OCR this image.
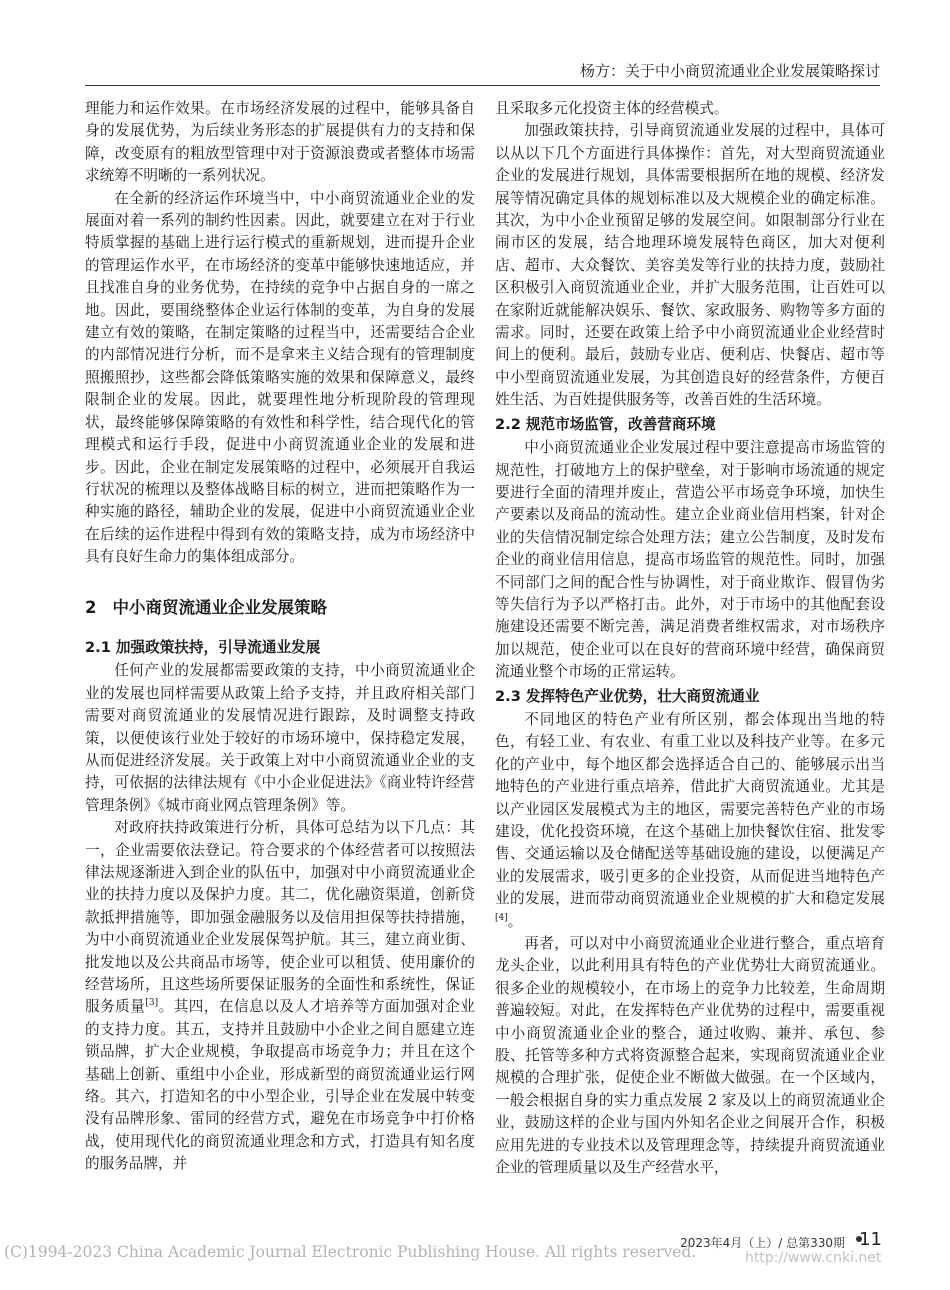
杨方：关于中小商贸流通业企业发展策略探讨

理能力和运作效果。在市场经济发展的过程中，能够具备自身的发展优势，为后续业务形态的扩展提供有力的支持和保障，改变原有的粗放型管理中对于资源浪费或者整体市场需求统筹不明晰的一系列状况。

在全新的经济运作环境当中，中小商贸流通业企业的发展面对着一系列的制约性因素。因此，就要建立在对于行业特质掌握的基础上进行运行模式的重新规划，进而提升企业的管理运作水平，在市场经济的变革中能够快速地适应，并且找准自身的业务优势，在持续的竞争中占据自身的一席之地。因此，要围绕整体企业运行体制的变革，为自身的发展建立有效的策略，在制定策略的过程当中，还需要结合企业的内部情况进行分析，而不是拿来主义结合现有的管理制度照搬照抄，这些都会降低策略实施的效果和保障意义，最终限制企业的发展。因此，就要理性地分析现阶段的管理现状，最终能够保障策略的有效性和科学性，结合现代化的管理模式和运行手段，促进中小商贸流通业企业的发展和进步。因此，企业在制定发展策略的过程中，必须展开自我运行状况的梳理以及整体战略目标的树立，进而把策略作为一种实施的路径，辅助企业的发展，促进中小商贸流通业企业在后续的运作进程中得到有效的策略支持，成为市场经济中具有良好生命力的集体组成部分。

2 中小商贸流通业企业发展策略
2.1 加强政策扶持，引导流通业发展

任何产业的发展都需要政策的支持，中小商贸流通业企业的发展也同样需要从政策上给予支持，并且政府相关部门需要对商贸流通业的发展情况进行跟踪，及时调整支持政策，以便使该行业处于较好的市场环境中，保持稳定发展，从而促进经济发展。关于政策上对中小商贸流通业企业的支持，可依据的法律法规有《中小企业促进法》《商业特许经营管理条例》《城市商业网点管理条例》等。

对政府扶持政策进行分析，具体可总结为以下几点：其一，企业需要依法登记。符合要求的个体经营者可以按照法律法规逐渐进入到企业的队伍中，加强对中小商贸流通业企业的扶持力度以及保护力度。其二，优化融资渠道，创新贷款抵押措施等，即加强金融服务以及信用担保等扶持措施，为中小商贸流通业企业发展保驾护航。其三，建立商业街、批发地以及公共商品市场等，使企业可以租赁、使用廉价的经营场所，且这些场所要保证服务的全面性和系统性，保证服务质量[3]。其四，在信息以及人才培养等方面加强对企业的支持力度。其五，支持并且鼓励中小企业之间自愿建立连锁品牌，扩大企业规模，争取提高市场竞争力；并且在这个基础上创新、重组中小企业，形成新型的商贸流通业运行网络。其六，打造知名的中小型企业，引导企业在发展中转变没有品牌形象、雷同的经营方式，避免在市场竞争中打价格战，使用现代化的商贸流通业理念和方式，打造具有知名度的服务品牌，并

且采取多元化投资主体的经营模式。

加强政策扶持，引导商贸流通业发展的过程中，具体可以从以下几个方面进行具体操作：首先，对大型商贸流通业企业的发展进行规划，具体需要根据所在地的规模、经济发展等情况确定具体的规划标准以及大规模企业的确定标准。其次，为中小企业预留足够的发展空间。如限制部分行业在闹市区的发展，结合地理环境发展特色商区，加大对便利店、超市、大众餐饮、美容美发等行业的扶持力度，鼓励社区积极引入商贸流通业企业，并扩大服务范围，让百姓可以在家附近就能解决娱乐、餐饮、家政服务、购物等多方面的需求。同时，还要在政策上给予中小商贸流通业企业经营时间上的便利。最后，鼓励专业店、便利店、快餐店、超市等中小型商贸流通业发展，为其创造良好的经营条件，方便百姓生活、为百姓提供服务等，改善百姓的生活环境。

2.2 规范市场监管，改善营商环境

中小商贸流通业企业发展过程中要注意提高市场监管的规范性，打破地方上的保护壁垒，对于影响市场流通的规定要进行全面的清理并废止，营造公平市场竞争环境，加快生产要素以及商品的流动性。建立企业商业信用档案，针对企业的失信情况制定综合处理方法；建立公告制度，及时发布企业的商业信用信息，提高市场监管的规范性。同时，加强不同部门之间的配合性与协调性，对于商业欺诈、假冒伪劣等失信行为予以严格打击。此外，对于市场中的其他配套设施建设还需要不断完善，满足消费者维权需求，对市场秩序加以规范，使企业可以在良好的营商环境中经营，确保商贸流通业整个市场的正常运转。

2.3 发挥特色产业优势，壮大商贸流通业

不同地区的特色产业有所区别，都会体现出当地的特色，有轻工业、有农业、有重工业以及科技产业等。在多元化的产业中，每个地区都会选择适合自己的、能够展示出当地特色的产业进行重点培养，借此扩大商贸流通业。尤其是以产业园区发展模式为主的地区，需要完善特色产业的市场建设，优化投资环境，在这个基础上加快餐饮住宿、批发零售、交通运输以及仓储配送等基础设施的建设，以便满足产业的发展需求，吸引更多的企业投资，从而促进当地特色产业的发展，进而带动商贸流通业企业规模的扩大和稳定发展[4]。

再者，可以对中小商贸流通业企业进行整合，重点培育龙头企业，以此利用具有特色的产业优势壮大商贸流通业。很多企业的规模较小，在市场上的竞争力比较差，生命周期普遍较短。对此，在发挥特色产业优势的过程中，需要重视中小商贸流通业企业的整合，通过收购、兼并、承包、参股、托管等多种方式将资源整合起来，实现商贸流通业企业规模的合理扩张，促使企业不断做大做强。在一个区域内，一般会根据自身的实力重点发展 2 家及以上的商贸流通业企业，鼓励这样的企业与国内外知名企业之间展开合作，积极应用先进的专业技术以及管理理念等，持续提升商贸流通业企业的管理质量以及生产经营水平，

2023年4月（上）/ 总第330期 11
(C)1994-2023 China Academic Journal Electronic Publishing House. All rights reserved.	http://www.cnki.net
